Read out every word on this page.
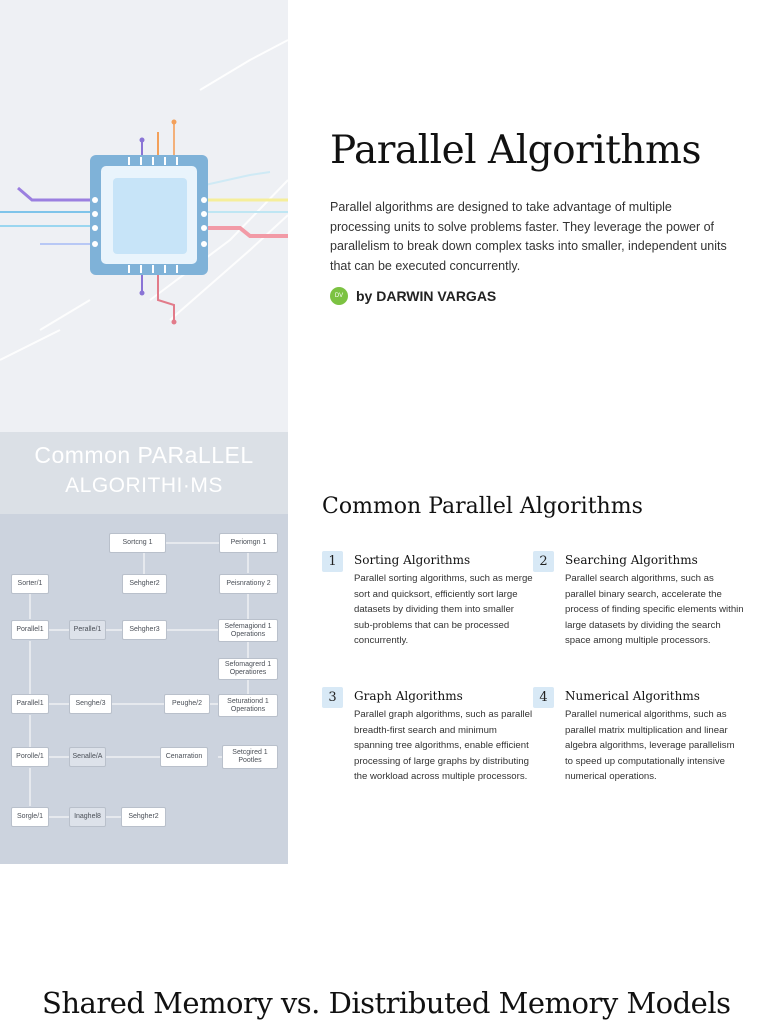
Parallel Algorithms

Parallel algorithms are designed to take advantage of multiple processing units to solve problems faster. They leverage the power of parallelism to break down complex tasks into smaller, independent units that can be executed concurrently.

DV by DARWIN VARGAS
Common PARaLLEL
ALGORITHI·MS
Sortcng 1	Periomgn 1
Sorter/1	Sehgher2	Peisnrationy 2
Porallel1	Peralle/1	Sehgher3	Sefemagiond 1 Operations
Sefomagrerd 1 Operatiores
Parallel1	Senghe/3	Peughe/2	Seturationd 1 Operations
Porolle/1	Senalle/A	Cenarration
Setcgired 1 Pootles
Sorgle/1	Inaghel8	Sehgher2
Common Parallel Algorithms
1	Sorting Algorithms

Parallel sorting algorithms, such as merge sort and quicksort, efficiently sort large datasets by dividing them into smaller sub-problems that can be processed concurrently.

2	Searching Algorithms

Parallel search algorithms, such as parallel binary search, accelerate the process of finding specific elements within large datasets by dividing the search space among multiple processors.

3	Graph Algorithms

Parallel graph algorithms, such as parallel breadth-first search and minimum spanning tree algorithms, enable efficient processing of large graphs by distributing the workload across multiple processors.

4	Numerical Algorithms

Parallel numerical algorithms, such as parallel matrix multiplication and linear algebra algorithms, leverage parallelism to speed up computationally intensive numerical operations.

Shared Memory vs. Distributed Memory Models
